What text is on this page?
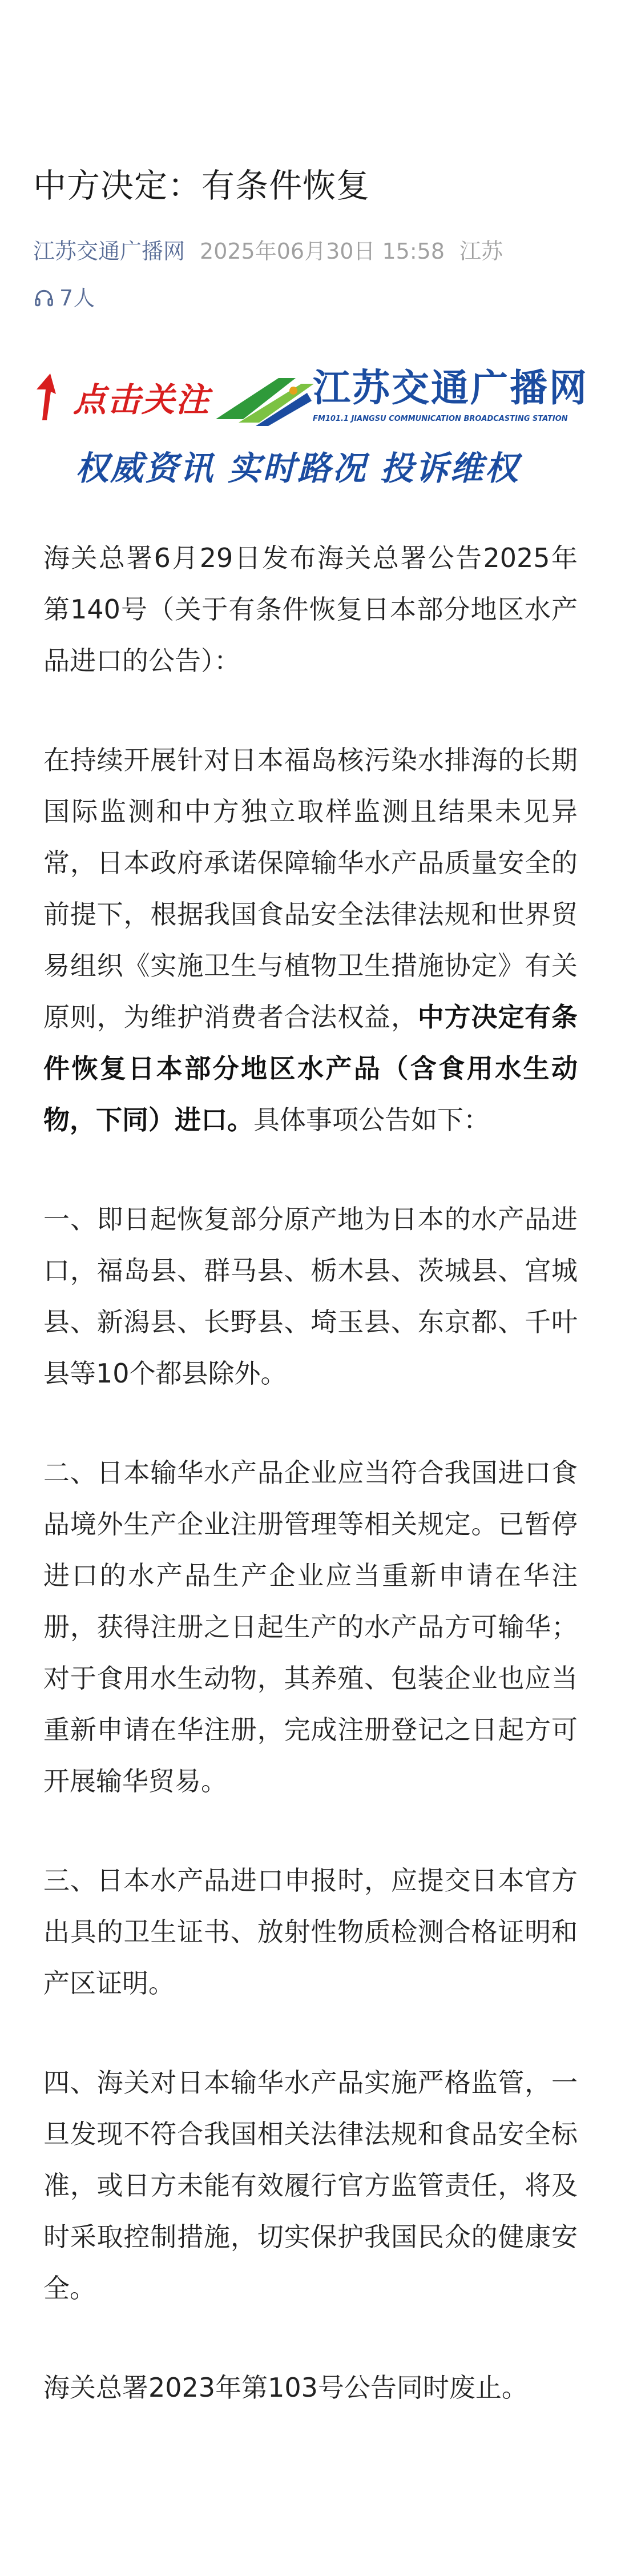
中方决定：有条件恢复
江苏交通广播网 2025年06月30日 15:58 江苏
7人
点击关注	江苏交通广播网
FM101.1 JIANGSU COMMUNICATION BROADCASTING STATION
权威资讯 实时路况 投诉维权

海关总署6月29日发布海关总署公告2025年第140号（关于有条件恢复日本部分地区水产品进口的公告）：

在持续开展针对日本福岛核污染水排海的长期国际监测和中方独立取样监测且结果未见异常，日本政府承诺保障输华水产品质量安全的前提下，根据我国食品安全法律法规和世界贸易组织《实施卫生与植物卫生措施协定》有关原则，为维护消费者合法权益，中方决定有条件恢复日本部分地区水产品（含食用水生动物，下同）进口。具体事项公告如下：

一、即日起恢复部分原产地为日本的水产品进口，福岛县、群马县、栃木县、茨城县、宫城县、新潟县、长野县、埼玉县、东京都、千叶县等10个都县除外。

二、日本输华水产品企业应当符合我国进口食品境外生产企业注册管理等相关规定。已暂停进口的水产品生产企业应当重新申请在华注册，获得注册之日起生产的水产品方可输华；对于食用水生动物，其养殖、包装企业也应当重新申请在华注册，完成注册登记之日起方可开展输华贸易。

三、日本水产品进口申报时，应提交日本官方出具的卫生证书、放射性物质检测合格证明和产区证明。

四、海关对日本输华水产品实施严格监管，一旦发现不符合我国相关法律法规和食品安全标准，或日方未能有效履行官方监管责任，将及时采取控制措施，切实保护我国民众的健康安全。

海关总署2023年第103号公告同时废止。
